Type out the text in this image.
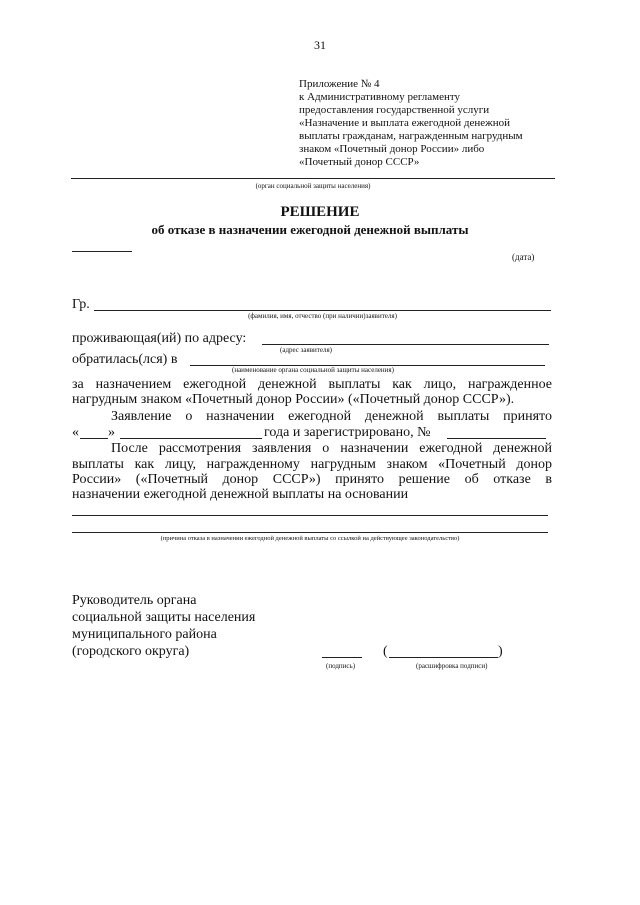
31
Приложение № 4
к Административному регламенту
предоставления государственной услуги
«Назначение и выплата ежегодной денежной
выплаты гражданам, награжденным нагрудным
знаком «Почетный донор России» либо
«Почетный донор СССР»
(орган социальной защиты населения)
РЕШЕНИЕ
об отказе в назначении ежегодной денежной выплаты
(дата)
Гр.
(фамилия, имя, отчество (при наличии)заявителя)
проживающая(ий) по адресу:
(адрес заявителя)
обратилась(лся) в
(наименование органа социальной защиты населения)
за назначением ежегодной денежной выплаты как лицо, награжденное
нагрудным знаком «Почетный донор России» («Почетный донор СССР»).
Заявление о назначении ежегодной денежной выплаты принято
« »	года и зарегистрировано, №
После рассмотрения заявления о назначении ежегодной денежной
выплаты как лицу, награжденному нагрудным знаком «Почетный донор
России» («Почетный донор СССР») принято решение об отказе в
назначении ежегодной денежной выплаты на основании
(причина отказа в назначении ежегодной денежной выплаты со ссылкой на действующее законодательство)
Руководитель органа
социальной защиты населения
муниципального района
(городского округа)
(подпись)
(	)
(расшифровка подписи)
